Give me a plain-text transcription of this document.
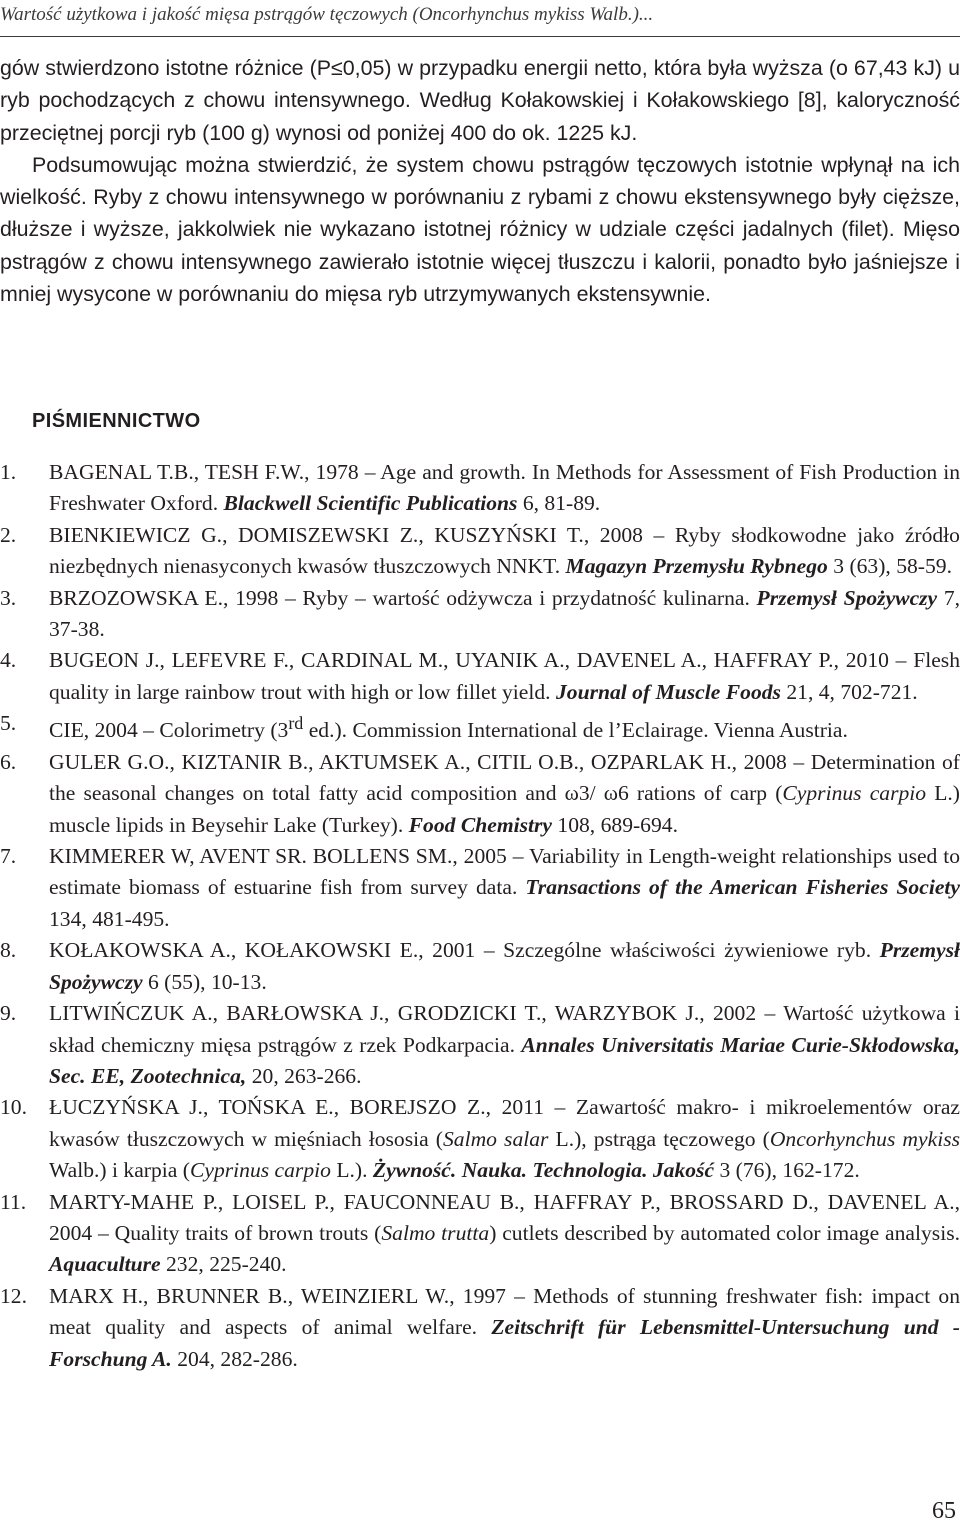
Wartość użytkowa i jakość mięsa pstrągów tęczowych (Oncorhynchus mykiss Walb.)...

gów stwierdzono istotne różnice (P≤0,05) w przypadku energii netto, która była wyższa (o 67,43 kJ) u ryb pochodzących z chowu intensywnego. Według Kołakowskiej i Kołakowskiego [8], kaloryczność przeciętnej porcji ryb (100 g) wynosi od poniżej 400 do ok. 1225 kJ.

Podsumowując można stwierdzić, że system chowu pstrągów tęczowych istotnie wpłynął na ich wielkość. Ryby z chowu intensywnego w porównaniu z rybami z chowu ekstensywnego były cięższe, dłuższe i wyższe, jakkolwiek nie wykazano istotnej różnicy w udziale części jadalnych (filet). Mięso pstrągów z chowu intensywnego zawierało istotnie więcej tłuszczu i kalorii, ponadto było jaśniejsze i mniej wysycone w porównaniu do mięsa ryb utrzymywanych ekstensywnie.

PIŚMIENNICTWO
1. BAGENAL T.B., TESH F.W., 1978 – Age and growth. In Methods for Assessment of Fish Production in Freshwater Oxford. Blackwell Scientific Publications 6, 81-89.
2. BIENKIEWICZ G., DOMISZEWSKI Z., KUSZYŃSKI T., 2008 – Ryby słodkowodne jako źródło niezbędnych nienasyconych kwasów tłuszczowych NNKT. Magazyn Przemysłu Rybnego 3 (63), 58-59.
3. BRZOZOWSKA E., 1998 – Ryby – wartość odżywcza i przydatność kulinarna. Przemysł Spożywczy 7, 37-38.
4. BUGEON J., LEFEVRE F., CARDINAL M., UYANIK A., DAVENEL A., HAFFRAY P., 2010 – Flesh quality in large rainbow trout with high or low fillet yield. Journal of Muscle Foods 21, 4, 702-721.
5. CIE, 2004 – Colorimetry (3rd ed.). Commission International de l’Eclairage. Vienna Austria.
6. GULER G.O., KIZTANIR B., AKTUMSEK A., CITIL O.B., OZPARLAK H., 2008 – Determination of the seasonal changes on total fatty acid composition and ω3/ ω6 rations of carp (Cyprinus carpio L.) muscle lipids in Beysehir Lake (Turkey). Food Chemistry 108, 689-694.
7. KIMMERER W, AVENT SR. BOLLENS SM., 2005 – Variability in Length-weight relationships used to estimate biomass of estuarine fish from survey data. Transactions of the American Fisheries Society 134, 481-495.
8. KOŁAKOWSKA A., KOŁAKOWSKI E., 2001 – Szczególne właściwości żywieniowe ryb. Przemysł Spożywczy 6 (55), 10-13.
9. LITWIŃCZUK A., BARŁOWSKA J., GRODZICKI T., WARZYBOK J., 2002 – Wartość użytkowa i skład chemiczny mięsa pstrągów z rzek Podkarpacia. Annales Universitatis Mariae Curie-Skłodowska, Sec. EE, Zootechnica, 20, 263-266.
10. ŁUCZYŃSKA J., TOŃSKA E., BOREJSZO Z., 2011 – Zawartość makro- i mikroelementów oraz kwasów tłuszczowych w mięśniach łososia (Salmo salar L.), pstrąga tęczowego (Oncorhynchus mykiss Walb.) i karpia (Cyprinus carpio L.). Żywność. Nauka. Technologia. Jakość 3 (76), 162-172.
11. MARTY-MAHE P., LOISEL P., FAUCONNEAU B., HAFFRAY P., BROSSARD D., DAVENEL A., 2004 – Quality traits of brown trouts (Salmo trutta) cutlets described by automated color image analysis. Aquaculture 232, 225-240.
12. MARX H., BRUNNER B., WEINZIERL W., 1997 – Methods of stunning freshwater fish: impact on meat quality and aspects of animal welfare. Zeitschrift für Lebensmittel-Untersuchung und -Forschung A. 204, 282-286.
65
